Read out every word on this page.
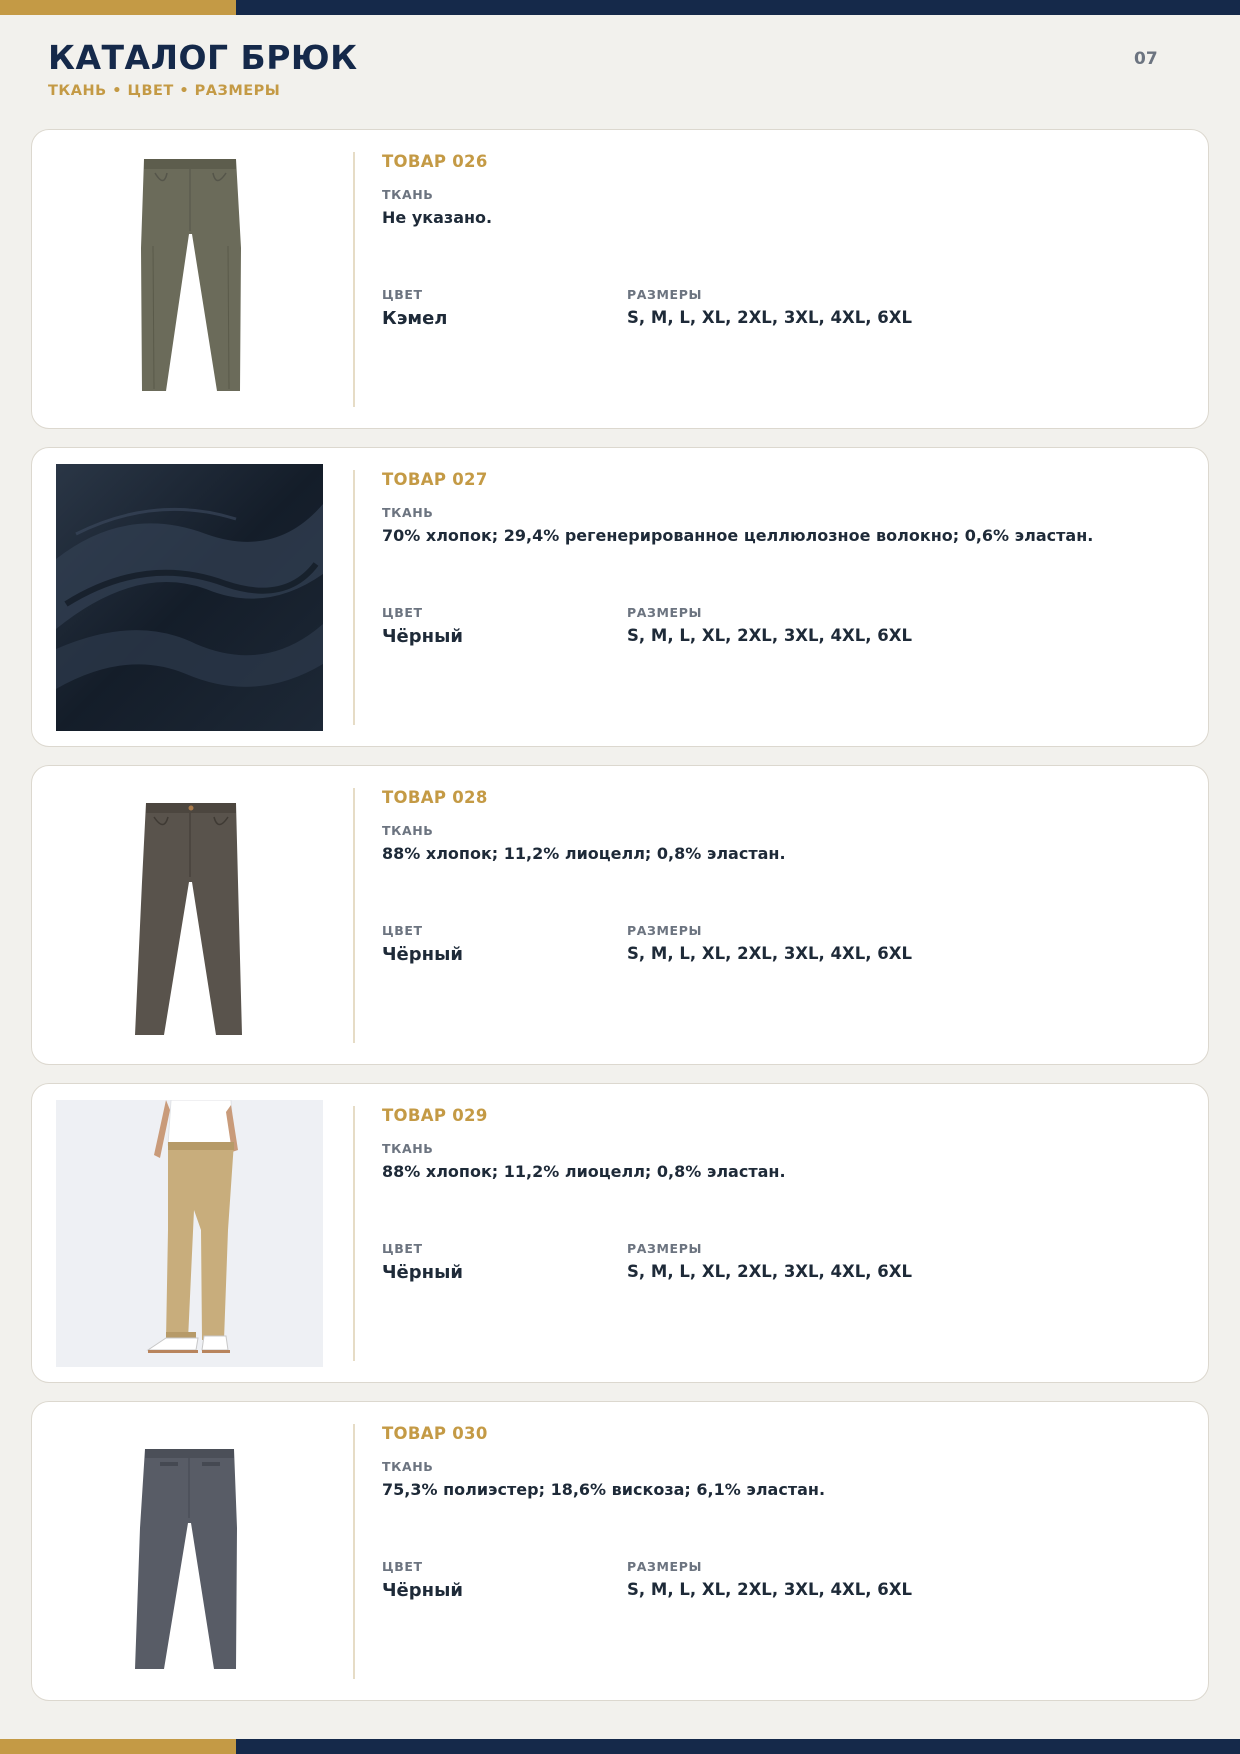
КАТАЛОГ БРЮК
ТКАНЬ • ЦВЕТ • РАЗМЕРЫ
07
ТОВАР 026
ТКАНЬ
Не указано.
ЦВЕТ
Кэмел
РАЗМЕРЫ
S, M, L, XL, 2XL, 3XL, 4XL, 6XL
ТОВАР 027
ТКАНЬ
70% хлопок; 29,4% регенерированное целлюлозное волокно; 0,6% эластан.
ЦВЕТ
Чёрный
РАЗМЕРЫ
S, M, L, XL, 2XL, 3XL, 4XL, 6XL
ТОВАР 028
ТКАНЬ
88% хлопок; 11,2% лиоцелл; 0,8% эластан.
ЦВЕТ
Чёрный
РАЗМЕРЫ
S, M, L, XL, 2XL, 3XL, 4XL, 6XL
ТОВАР 029
ТКАНЬ
88% хлопок; 11,2% лиоцелл; 0,8% эластан.
ЦВЕТ
Чёрный
РАЗМЕРЫ
S, M, L, XL, 2XL, 3XL, 4XL, 6XL
ТОВАР 030
ТКАНЬ
75,3% полиэстер; 18,6% вискоза; 6,1% эластан.
ЦВЕТ
Чёрный
РАЗМЕРЫ
S, M, L, XL, 2XL, 3XL, 4XL, 6XL
